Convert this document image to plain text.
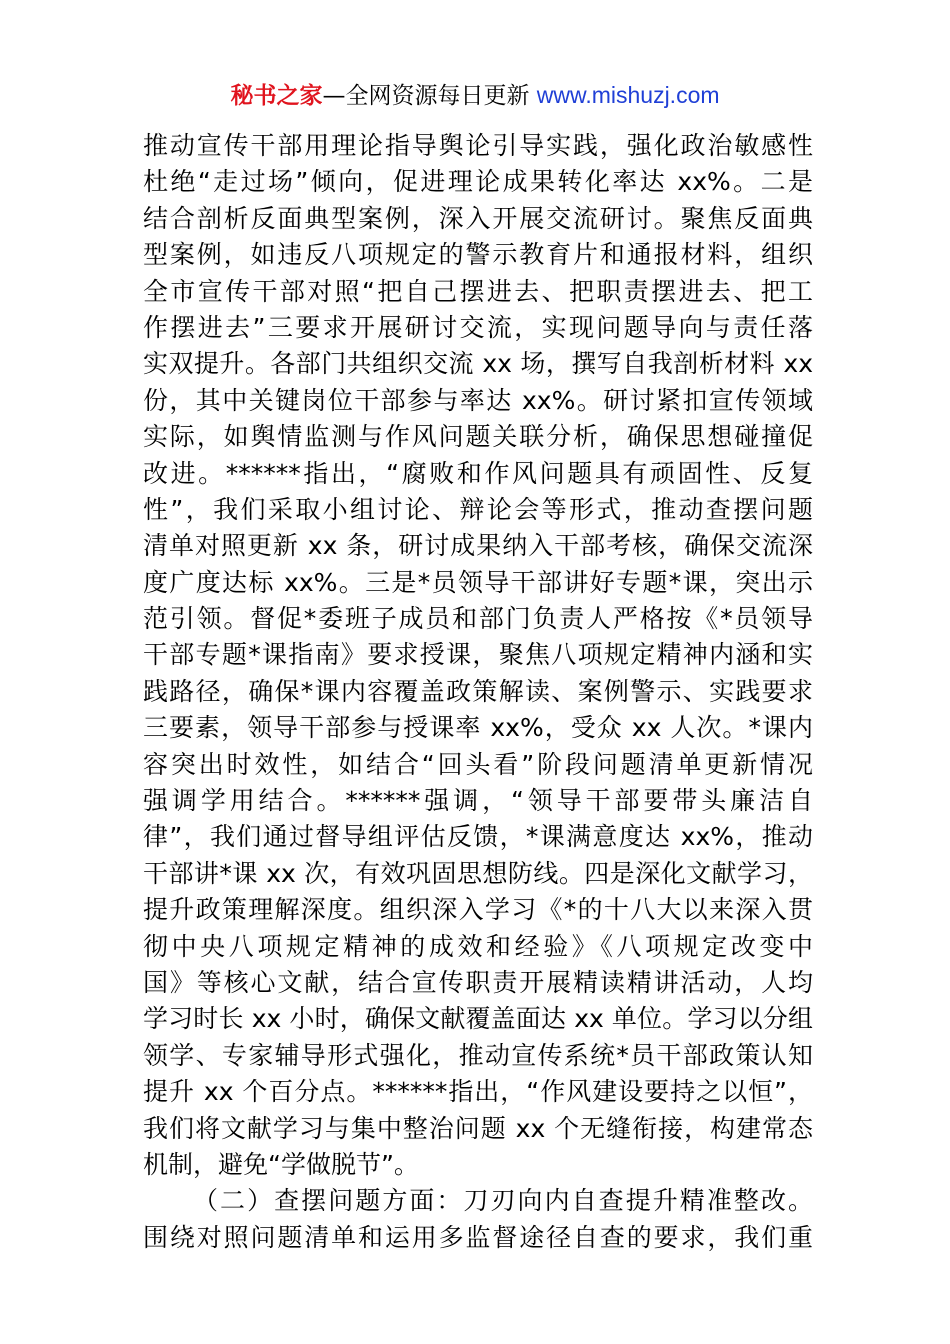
秘书之家—全网资源每日更新 www.mishuzj.com
推动宣传干部用理论指导舆论引导实践，强化政治敏感性
杜绝“走过场”倾向，促进理论成果转化率达 xx%。二是
结合剖析反面典型案例，深入开展交流研讨。聚焦反面典
型案例，如违反八项规定的警示教育片和通报材料，组织
全市宣传干部对照“把自己摆进去、把职责摆进去、把工
作摆进去”三要求开展研讨交流，实现问题导向与责任落
实双提升。各部门共组织交流 xx 场，撰写自我剖析材料 xx
份，其中关键岗位干部参与率达 xx%。研讨紧扣宣传领域
实际，如舆情监测与作风问题关联分析，确保思想碰撞促
改进。******指出，“腐败和作风问题具有顽固性、反复
性”，我们采取小组讨论、辩论会等形式，推动查摆问题
清单对照更新 xx 条，研讨成果纳入干部考核，确保交流深
度广度达标 xx%。三是*员领导干部讲好专题*课，突出示
范引领。督促*委班子成员和部门负责人严格按《*员领导
干部专题*课指南》要求授课，聚焦八项规定精神内涵和实
践路径，确保*课内容覆盖政策解读、案例警示、实践要求
三要素，领导干部参与授课率 xx%，受众 xx 人次。*课内
容突出时效性，如结合“回头看”阶段问题清单更新情况
强调学用结合。******强调，“领导干部要带头廉洁自
律”，我们通过督导组评估反馈，*课满意度达 xx%，推动
干部讲*课 xx 次，有效巩固思想防线。四是深化文献学习，
提升政策理解深度。组织深入学习《*的十八大以来深入贯
彻中央八项规定精神的成效和经验》《八项规定改变中
国》等核心文献，结合宣传职责开展精读精讲活动，人均
学习时长 xx 小时，确保文献覆盖面达 xx 单位。学习以分组
领学、专家辅导形式强化，推动宣传系统*员干部政策认知
提升 xx 个百分点。******指出，“作风建设要持之以恒”，
我们将文献学习与集中整治问题 xx 个无缝衔接，构建常态
机制，避免“学做脱节”。
（二）查摆问题方面：刀刃向内自查提升精准整改。
围绕对照问题清单和运用多监督途径自查的要求，我们重
